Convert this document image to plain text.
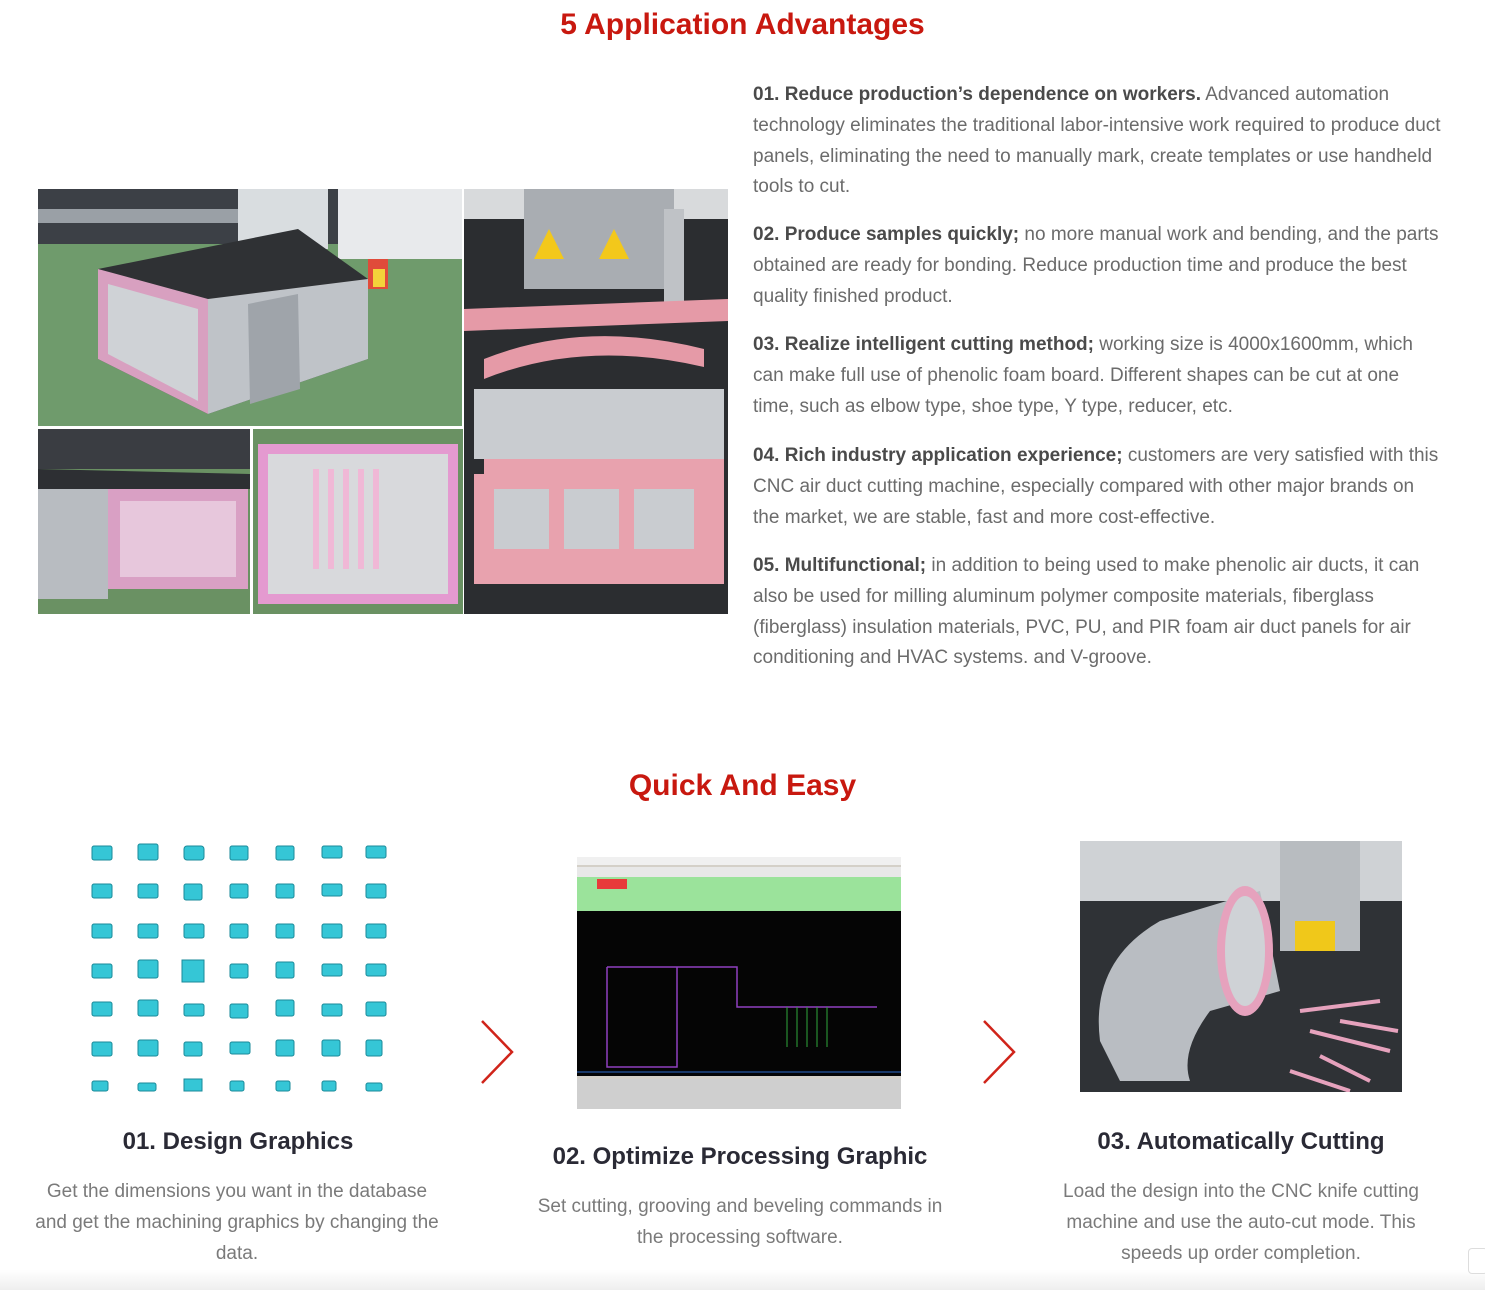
5 Application Advantages

01. Reduce production’s dependence on workers. Advanced automation technology eliminates the traditional labor-intensive work required to produce duct panels, eliminating the need to manually mark, create templates or use handheld tools to cut.

02. Produce samples quickly; no more manual work and bending, and the parts obtained are ready for bonding. Reduce production time and produce the best quality finished product.

03. Realize intelligent cutting method; working size is 4000x1600mm, which can make full use of phenolic foam board. Different shapes can be cut at one time, such as elbow type, shoe type, Y type, reducer, etc.

04. Rich industry application experience; customers are very satisfied with this CNC air duct cutting machine, especially compared with other major brands on the market, we are stable, fast and more cost-effective.

05. Multifunctional; in addition to being used to make phenolic air ducts, it can also be used for milling aluminum polymer composite materials, fiberglass (fiberglass) insulation materials, PVC, PU, and PIR foam air duct panels for air conditioning and HVAC systems. and V-groove.

Quick And Easy
01. Design Graphics

Get the dimensions you want in the database and get the machining graphics by changing the data.

02. Optimize Processing Graphic

Set cutting, grooving and beveling commands in the processing software.

03. Automatically Cutting

Load the design into the CNC knife cutting machine and use the auto-cut mode. This speeds up order completion.
